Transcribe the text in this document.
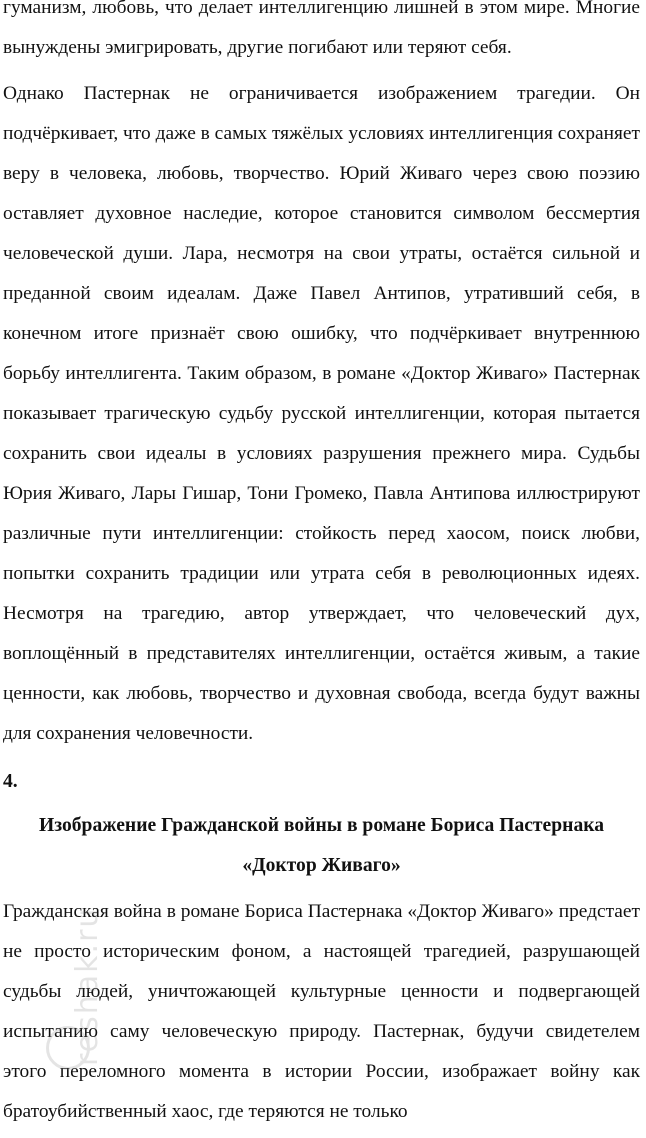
гуманизм, любовь, что делает интеллигенцию лишней в этом мире. Многие вынуждены эмигрировать, другие погибают или теряют себя.

Однако Пастернак не ограничивается изображением трагедии. Он подчёркивает, что даже в самых тяжёлых условиях интеллигенция сохраняет веру в человека, любовь, творчество. Юрий Живаго через свою поэзию оставляет духовное наследие, которое становится символом бессмертия человеческой души. Лара, несмотря на свои утраты, остаётся сильной и преданной своим идеалам. Даже Павел Антипов, утративший себя, в конечном итоге признаёт свою ошибку, что подчёркивает внутреннюю борьбу интеллигента. Таким образом, в романе «Доктор Живаго» Пастернак показывает трагическую судьбу русской интеллигенции, которая пытается сохранить свои идеалы в условиях разрушения прежнего мира. Судьбы Юрия Живаго, Лары Гишар, Тони Громеко, Павла Антипова иллюстрируют различные пути интеллигенции: стойкость перед хаосом, поиск любви, попытки сохранить традиции или утрата себя в революционных идеях. Несмотря на трагедию, автор утверждает, что человеческий дух, воплощённый в представителях интеллигенции, остаётся живым, а такие ценности, как любовь, творчество и духовная свобода, всегда будут важны для сохранения человечности.

4.
Изображение Гражданской войны в романе Бориса Пастернака
«Доктор Живаго»

Гражданская война в романе Бориса Пастернака «Доктор Живаго» предстает не просто историческим фоном, а настоящей трагедией, разрушающей судьбы людей, уничтожающей культурные ценности и подвергающей испытанию саму человеческую природу. Пастернак, будучи свидетелем этого переломного момента в истории России, изображает войну как братоубийственный хаос, где теряются не только

reshak.ru
